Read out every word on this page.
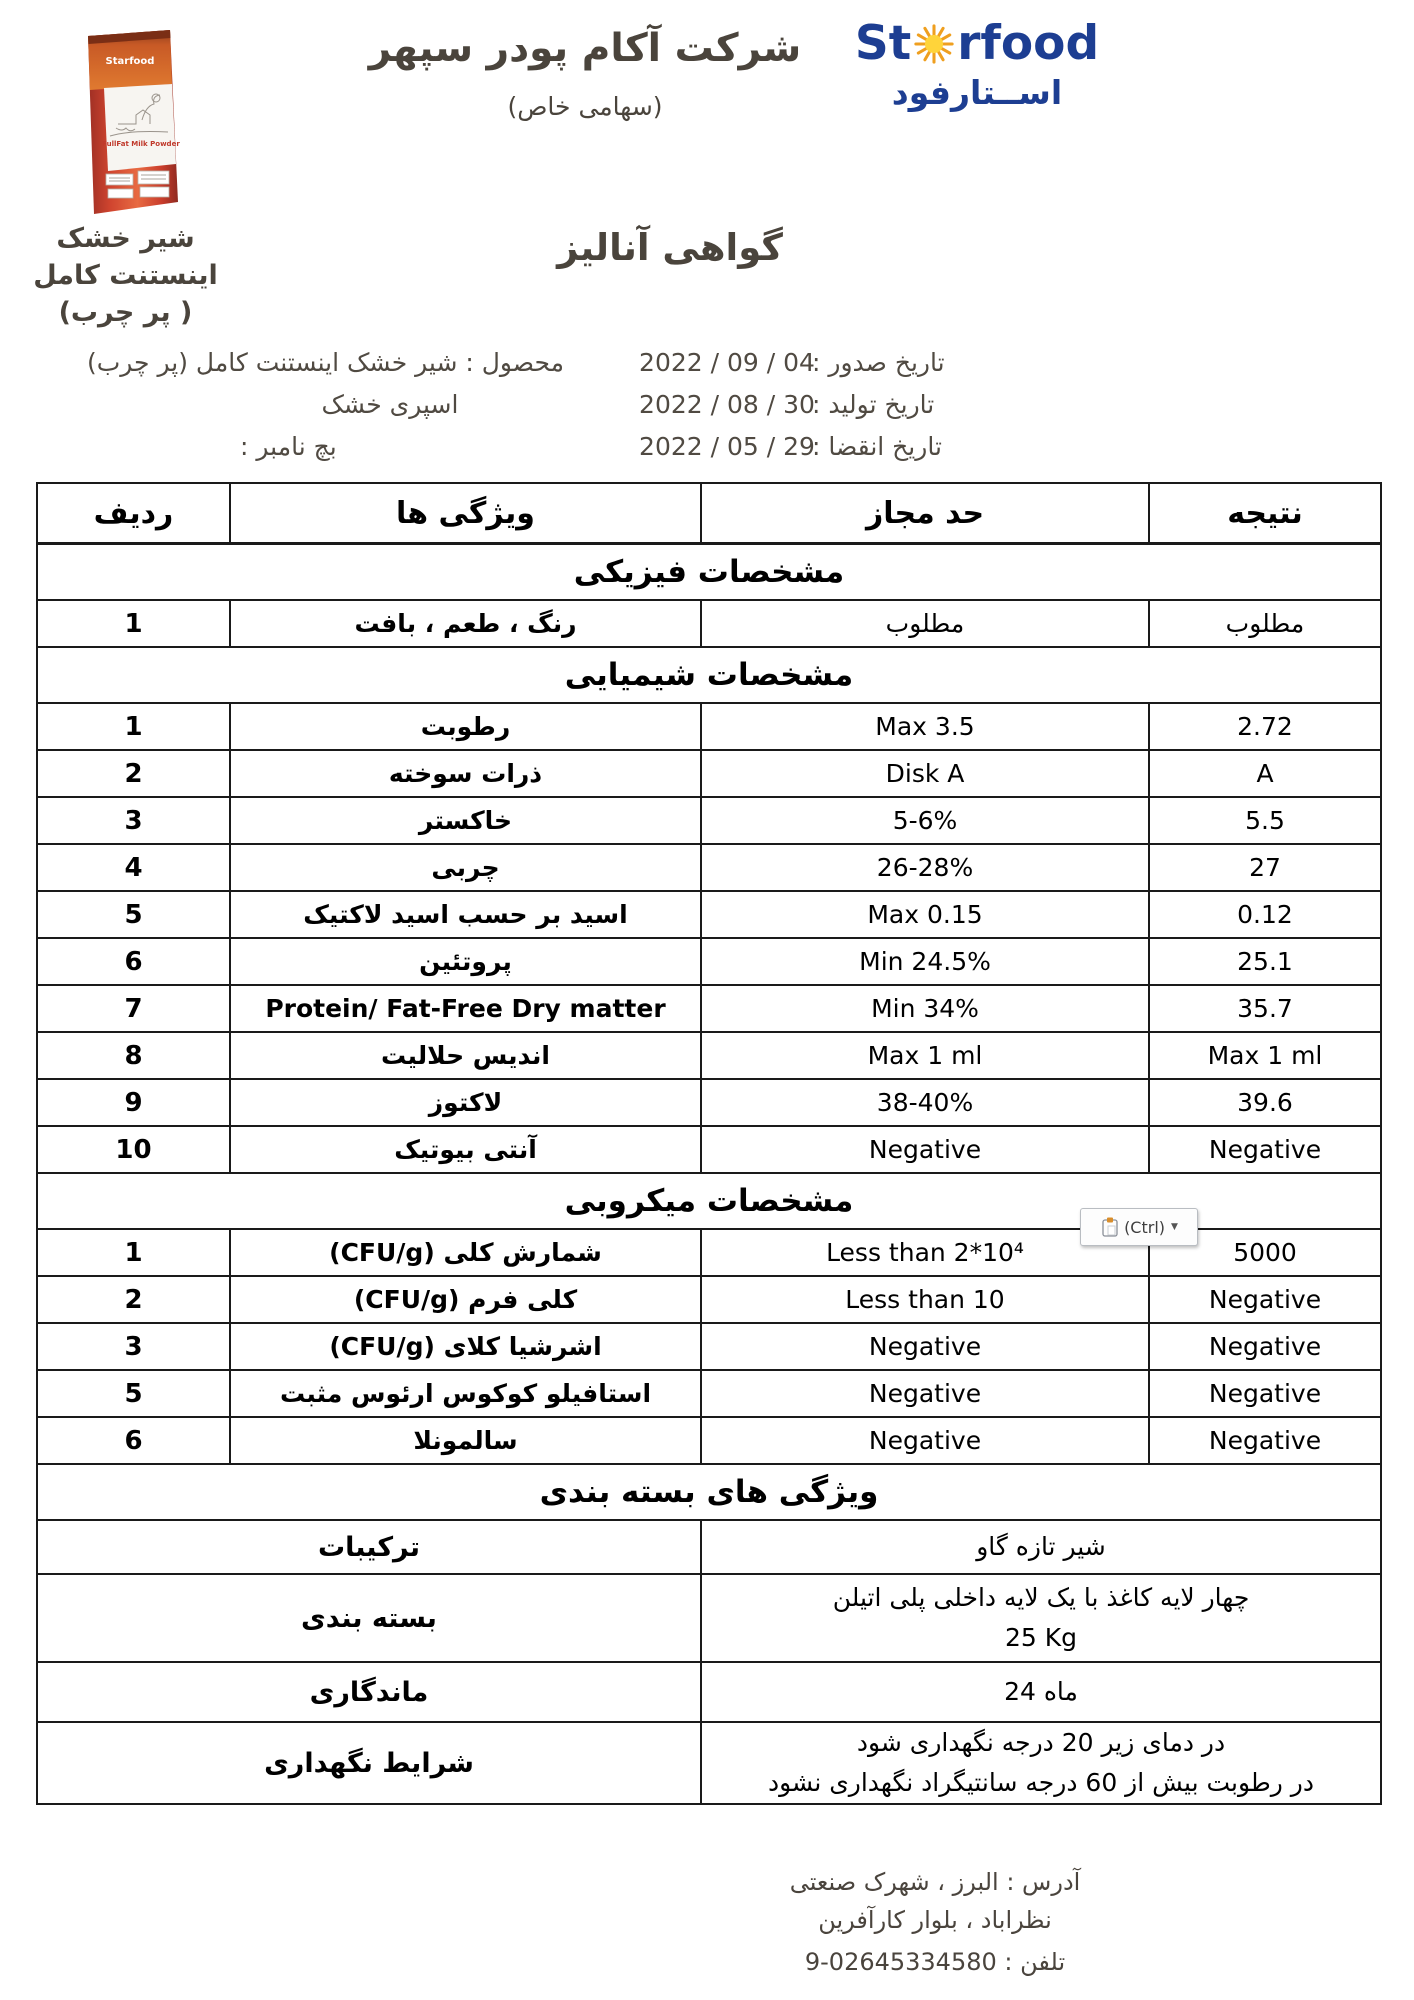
Starfood
FullFat Milk Powder
شیر خشک
اینستنت کامل
(پر چرب )
شرکت آکام پودر سپهر
(سهامی خاص)
گواهی آنالیز
St rfood
اســتارفود
محصول : شیر خشک اینستنت کامل (پر چرب)
اسپری خشک
بچ نامبر :
تاریخ صدور :
2022 / 09 / 04
تاریخ تولید :
2022 / 08 / 30
تاریخ انقضا :
2022 / 05 / 29
ردیف	ویژگی ها	حد مجاز	نتیجه
مشخصات فیزیکی			
1	رنگ ، طعم ، بافت	مطلوب	مطلوب
مشخصات شیمیایی			
1	رطوبت	Max 3.5	2.72
2	ذرات سوخته	Disk A	A
3	خاکستر	5-6%	5.5
4	چربی	26-28%	27
5	اسید بر حسب اسید لاکتیک	Max 0.15	0.12
6	پروتئین	Min 24.5%	25.1
7	Protein/ Fat-Free Dry matter	Min 34%	35.7
8	اندیس حلالیت	Max 1 ml	Max 1 ml
9	لاکتوز	38-40%	39.6
10	آنتی بیوتیک	Negative	Negative
مشخصات میکروبی			
1	شمارش کلی (CFU/g)	Less than 2*10⁴	5000
2	کلی فرم (CFU/g)	Less than 10	Negative
3	اشرشیا کلای (CFU/g)	Negative	Negative
5	استافیلو کوکوس ارئوس مثبت	Negative	Negative
6	سالمونلا	Negative	Negative
ویژگی های بسته بندی			
ترکیبات		شیر تازه گاو	

بسته بندی		چهار لایه کاغذ با یک لایه داخلی پلی اتیلن
25 Kg	

ماندگاری		24 ماه	

شرایط نگهداری		در دمای زیر 20 درجه نگهداری شود
در رطوبت بیش از 60 درجه سانتیگراد نگهداری نشود	
(Ctrl) ▼
آدرس : البرز ، شهرک صنعتی
نظراباد ، بلوار کارآفرین
تلفن : 02645334580-9
